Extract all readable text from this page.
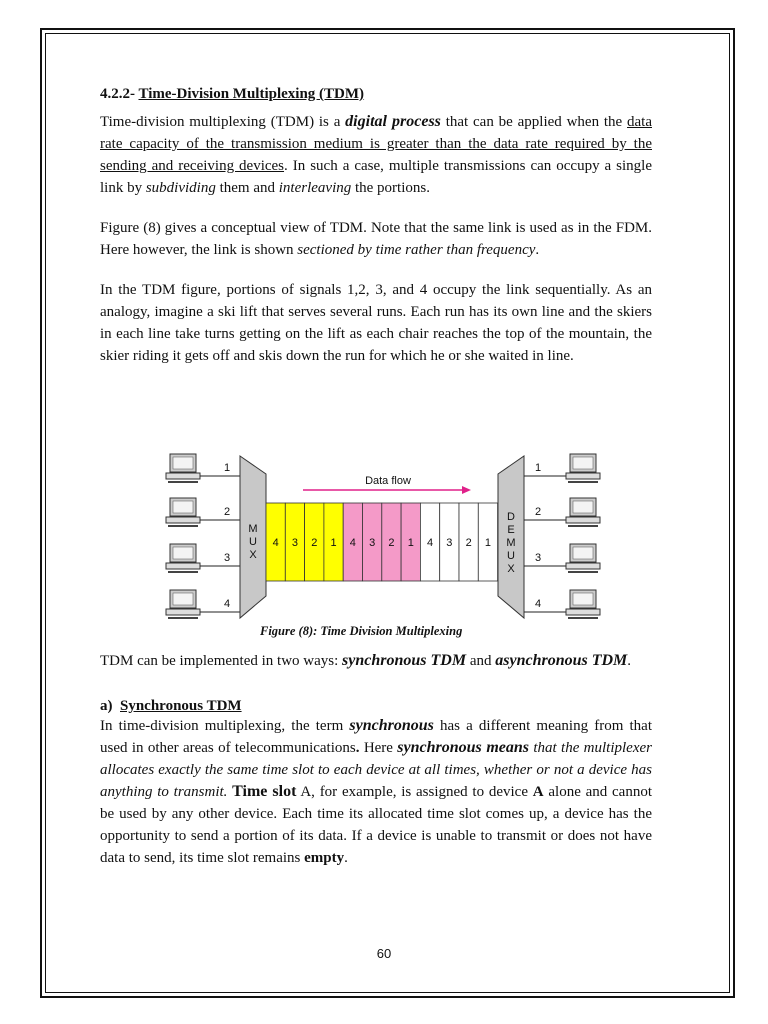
4.2.2- Time-Division Multiplexing (TDM)

Time-division multiplexing (TDM) is a digital process that can be applied when the data rate capacity of the transmission medium is greater than the data rate required by the sending and receiving devices. In such a case, multiple transmissions can occupy a single link by subdividing them and interleaving the portions.

Figure (8) gives a conceptual view of TDM. Note that the same link is used as in the FDM. Here however, the link is shown sectioned by time rather than frequency.

In the TDM figure, portions of signals 1,2, 3, and 4 occupy the link sequentially. As an analogy, imagine a ski lift that serves several runs. Each run has its own line and the skiers in each line take turns getting on the lift as each chair reaches the top of the mountain, the skier riding it gets off and skis down the run for which he or she waited in line.

1
2
3
4
M
U
X
Data flow
4 3 2 1 4 3 2 1 4 3 2 1
D
E
M
U
X
1
2
3
4
Figure (8): Time Division Multiplexing

TDM can be implemented in two ways: synchronous TDM and asynchronous TDM.

a) Synchronous TDM

In time-division multiplexing, the term synchronous has a different meaning from that used in other areas of telecommunications. Here synchronous means that the multiplexer allocates exactly the same time slot to each device at all times, whether or not a device has anything to transmit. Time slot A, for example, is assigned to device A alone and cannot be used by any other device. Each time its allocated time slot comes up, a device has the opportunity to send a portion of its data. If a device is unable to transmit or does not have data to send, its time slot remains empty.

60
